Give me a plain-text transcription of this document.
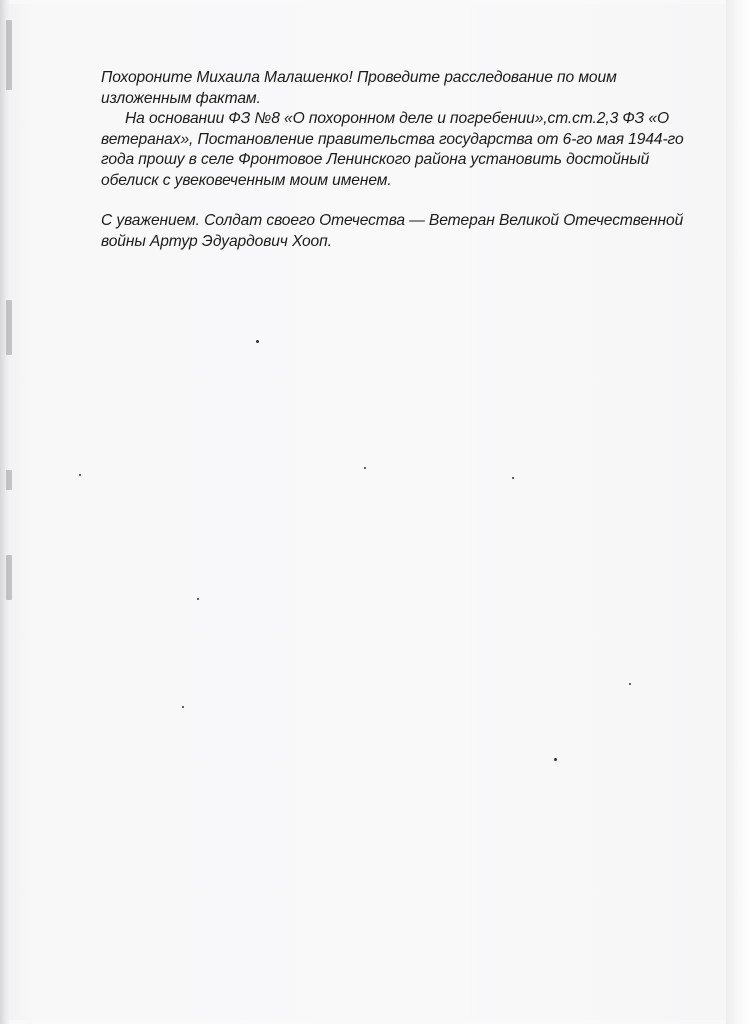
Похороните Михаила Малашенко! Проведите расследование по моим изложенным фактам.

На основании ФЗ №8 «О похоронном деле и погребении»,ст.ст.2,3 ФЗ «О ветеранах», Постановление правительства государства от 6-го мая 1944-го года прошу в селе Фронтовое Ленинского района установить достойный обелиск с увековеченным моим именем.

С уважением. Солдат своего Отечества — Ветеран Великой Отечественной войны Артур Эдуардович Хооп.
